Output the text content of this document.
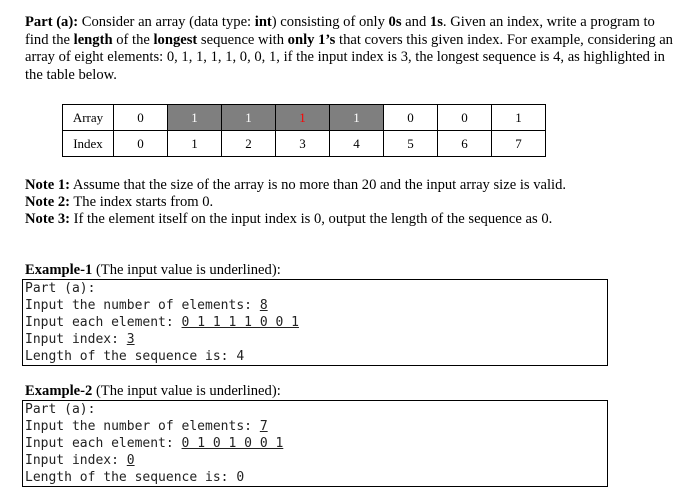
Part (a): Consider an array (data type: int) consisting of only 0s and 1s. Given an index, write a program to find the length of the longest sequence with only 1’s that covers this given index. For example, considering an array of eight elements: 0, 1, 1, 1, 1, 0, 0, 1, if the input index is 3, the longest sequence is 4, as highlighted in the table below.

Array	0	1	1	1	1	0	0	1
Index	0	1	2	3	4	5	6	7
Note 1: Assume that the size of the array is no more than 20 and the input array size is valid.
Note 2: The index starts from 0.
Note 3: If the element itself on the input index is 0, output the length of the sequence as 0.
Example-1 (The input value is underlined):
Part (a):
Input the number of elements: 8
Input each element: 0 1 1 1 1 0 0 1
Input index: 3
Length of the sequence is: 4
Example-2 (The input value is underlined):
Part (a):
Input the number of elements: 7
Input each element: 0 1 0 1 0 0 1
Input index: 0
Length of the sequence is: 0
